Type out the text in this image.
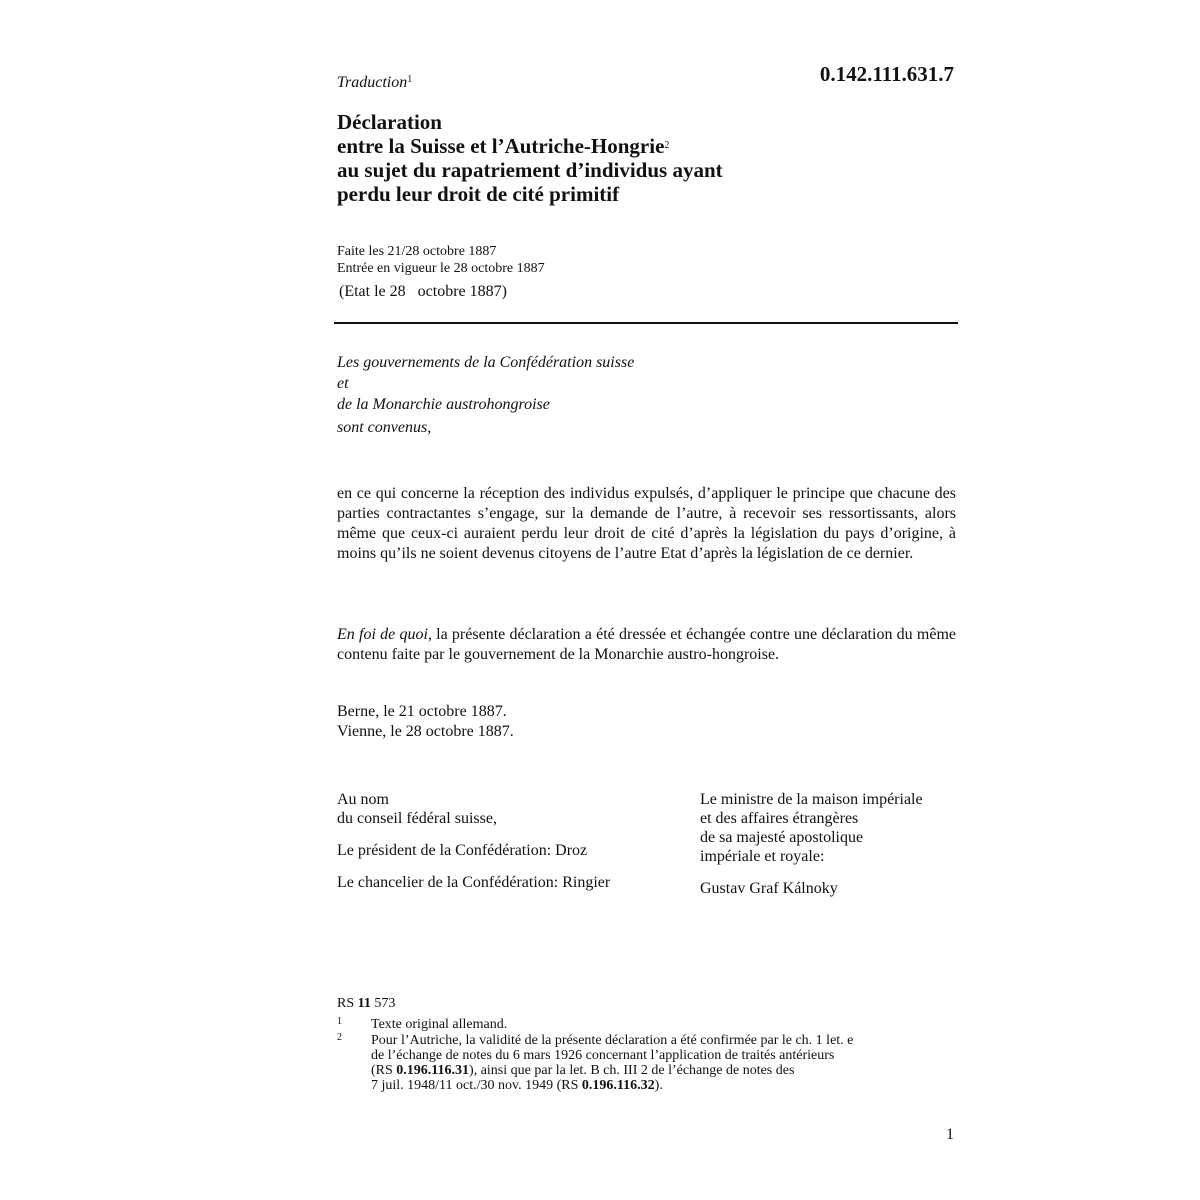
0.142.111.631.7
Traduction$^1$
Déclaration
entre la Suisse et l’Autriche-Hongrie$^2$
au sujet du rapatriement d’individus ayant
perdu leur droit de cité primitif
Faite les 21/28 octobre 1887
Entrée en vigueur le 28 octobre 1887
(Etat le 28   octobre 1887)
Les gouvernements de la Confédération suisse
et
de la Monarchie austrohongroise
sont convenus,
en ce qui concerne la réception des individus expulsés, d’appliquer le principe que chacune des parties contractantes s’engage, sur la demande de l’autre, à recevoir ses ressortissants, alors même que ceux-ci auraient perdu leur droit de cité d’après la législation du pays d’origine, à moins qu’ils ne soient devenus citoyens de l’autre Etat d’après la législation de ce dernier.
En foi de quoi, la présente déclaration a été dressée et échangée contre une déclaration du même contenu faite par le gouvernement de la Monarchie austro-hongroise.
Berne, le 21 octobre 1887.
Vienne, le 28 octobre 1887.
Au nom
du conseil fédéral suisse,
Le président de la Confédération: Droz
Le chancelier de la Confédération: Ringier
Le ministre de la maison impériale
et des affaires étrangères
de sa majesté apostolique
impériale et royale:
Gustav Graf Kálnoky
RS 11 573
1 Texte original allemand.
2 Pour l’Autriche, la validité de la présente déclaration a été confirmée par le ch. 1 let. e
de l’échange de notes du 6 mars 1926 concernant l’application de traités antérieurs
(RS 0.196.116.31), ainsi que par la let. B ch. III 2 de l’échange de notes des
7 juil. 1948/11 oct./30 nov. 1949 (RS 0.196.116.32).
1
